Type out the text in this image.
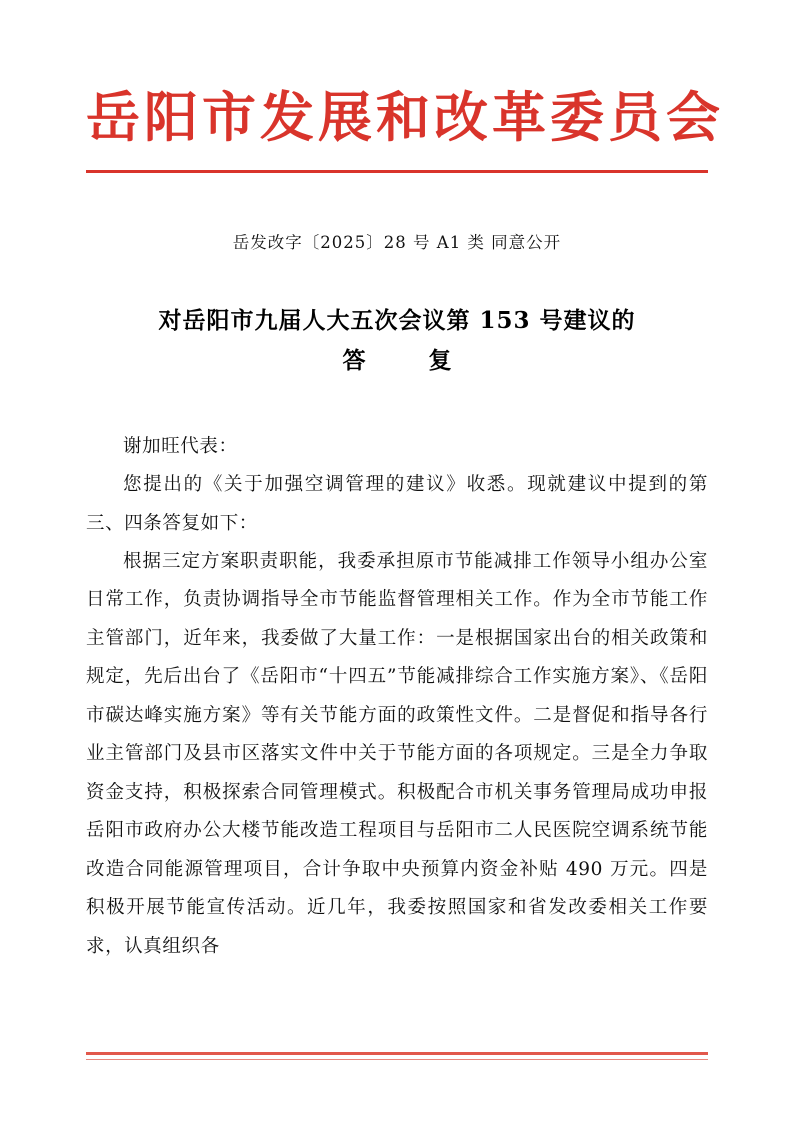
岳阳市发展和改革委员会
岳发改字〔2025〕28 号 A1 类 同意公开
对岳阳市九届人大五次会议第 153 号建议的
答　复

谢加旺代表：

您提出的《关于加强空调管理的建议》收悉。现就建议中提到的第三、四条答复如下：

根据三定方案职责职能，我委承担原市节能减排工作领导小组办公室日常工作，负责协调指导全市节能监督管理相关工作。作为全市节能工作主管部门，近年来，我委做了大量工作：一是根据国家出台的相关政策和规定，先后出台了《岳阳市“十四五”节能减排综合工作实施方案》、《岳阳市碳达峰实施方案》等有关节能方面的政策性文件。二是督促和指导各行业主管部门及县市区落实文件中关于节能方面的各项规定。三是全力争取资金支持，积极探索合同管理模式。积极配合市机关事务管理局成功申报岳阳市政府办公大楼节能改造工程项目与岳阳市二人民医院空调系统节能改造合同能源管理项目，合计争取中央预算内资金补贴 490 万元。四是积极开展节能宣传活动。近几年，我委按照国家和省发改委相关工作要求，认真组织各
